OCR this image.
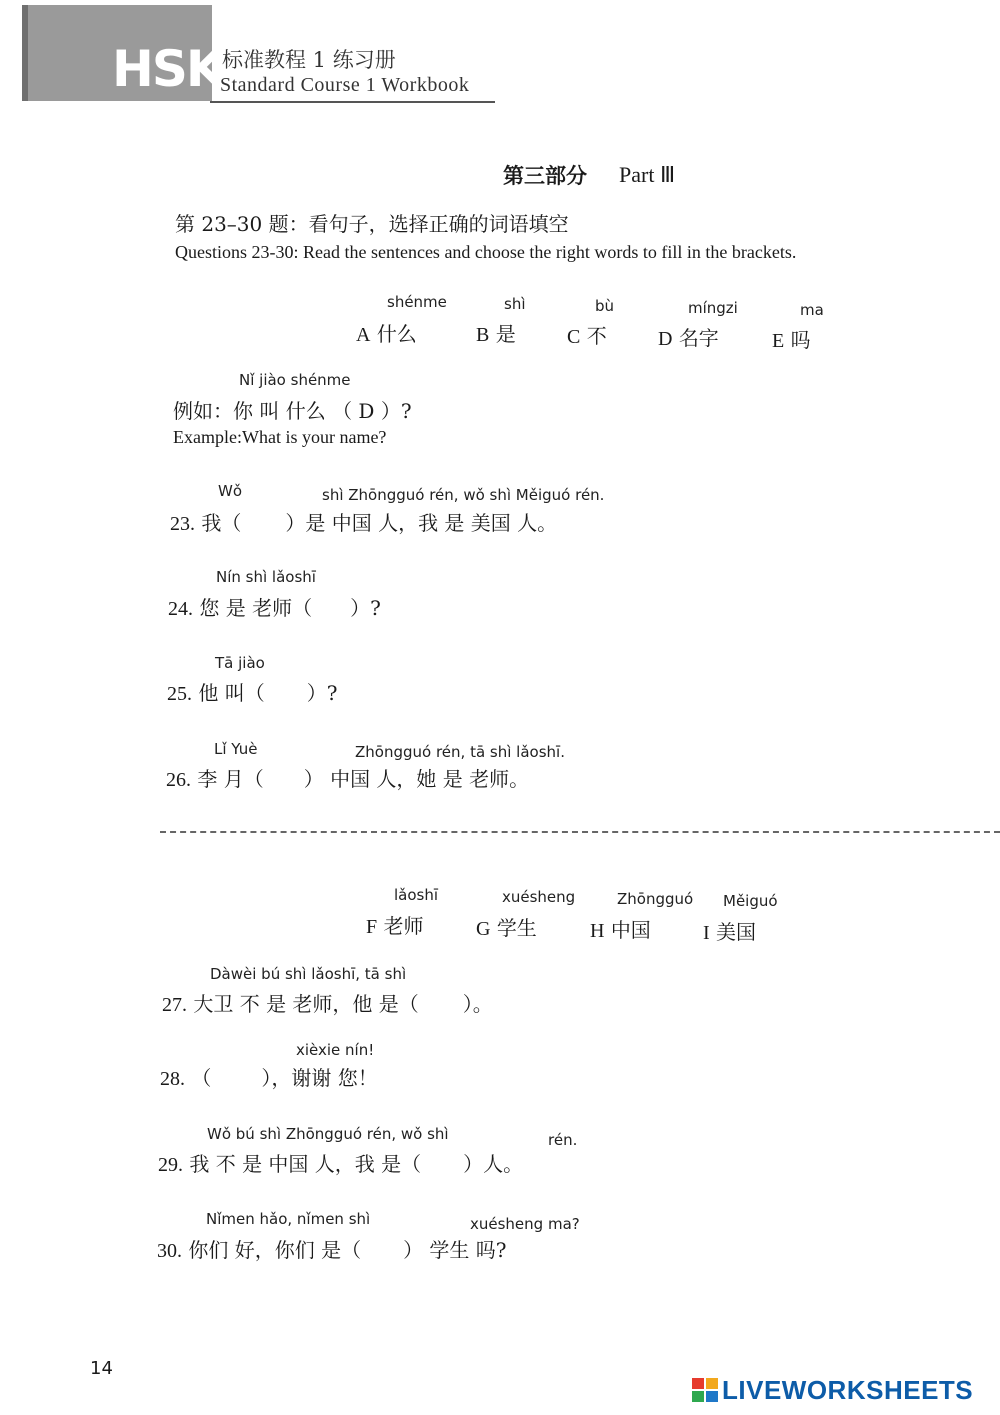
HSK 标准教程 1 练习册
Standard Course 1 Workbook
第三部分 Part Ⅲ
第 23–30 题：看句子，选择正确的词语填空
Questions 23-30: Read the sentences and choose the right words to fill in the brackets.
shénme
A 什么
shì
B 是
bù
C 不
míngzi
D 名字
ma
E 吗
Nǐ jiào shénme
例如：你 叫 什么 （ D ）?
Example:What is your name?
Wǒ	shì Zhōngguó rén, wǒ shì Měiguó rén.
23. 我（ ）是 中国 人，我 是 美国 人。
Nín shì lǎoshī
24. 您 是 老师（ ）?
Tā jiào
25. 他 叫（ ）?
Lǐ Yuè	Zhōngguó rén, tā shì lǎoshī.
26. 李 月（ ） 中国 人，她 是 老师。
lǎoshī
F 老师
xuésheng
G 学生
Zhōngguó
H 中国
Měiguó
I 美国
Dàwèi bú shì lǎoshī, tā shì
27. 大卫 不 是 老师，他 是（ ）。
xièxie nín!
28. （	），谢谢 您！
Wǒ bú shì Zhōngguó rén, wǒ shì	rén.
29. 我 不 是 中国 人，我 是（ ）人。
Nǐmen hǎo, nǐmen shì	xuésheng ma?
30. 你们 好，你们 是（ ） 学生 吗?
14
LIVEWORKSHEETS
